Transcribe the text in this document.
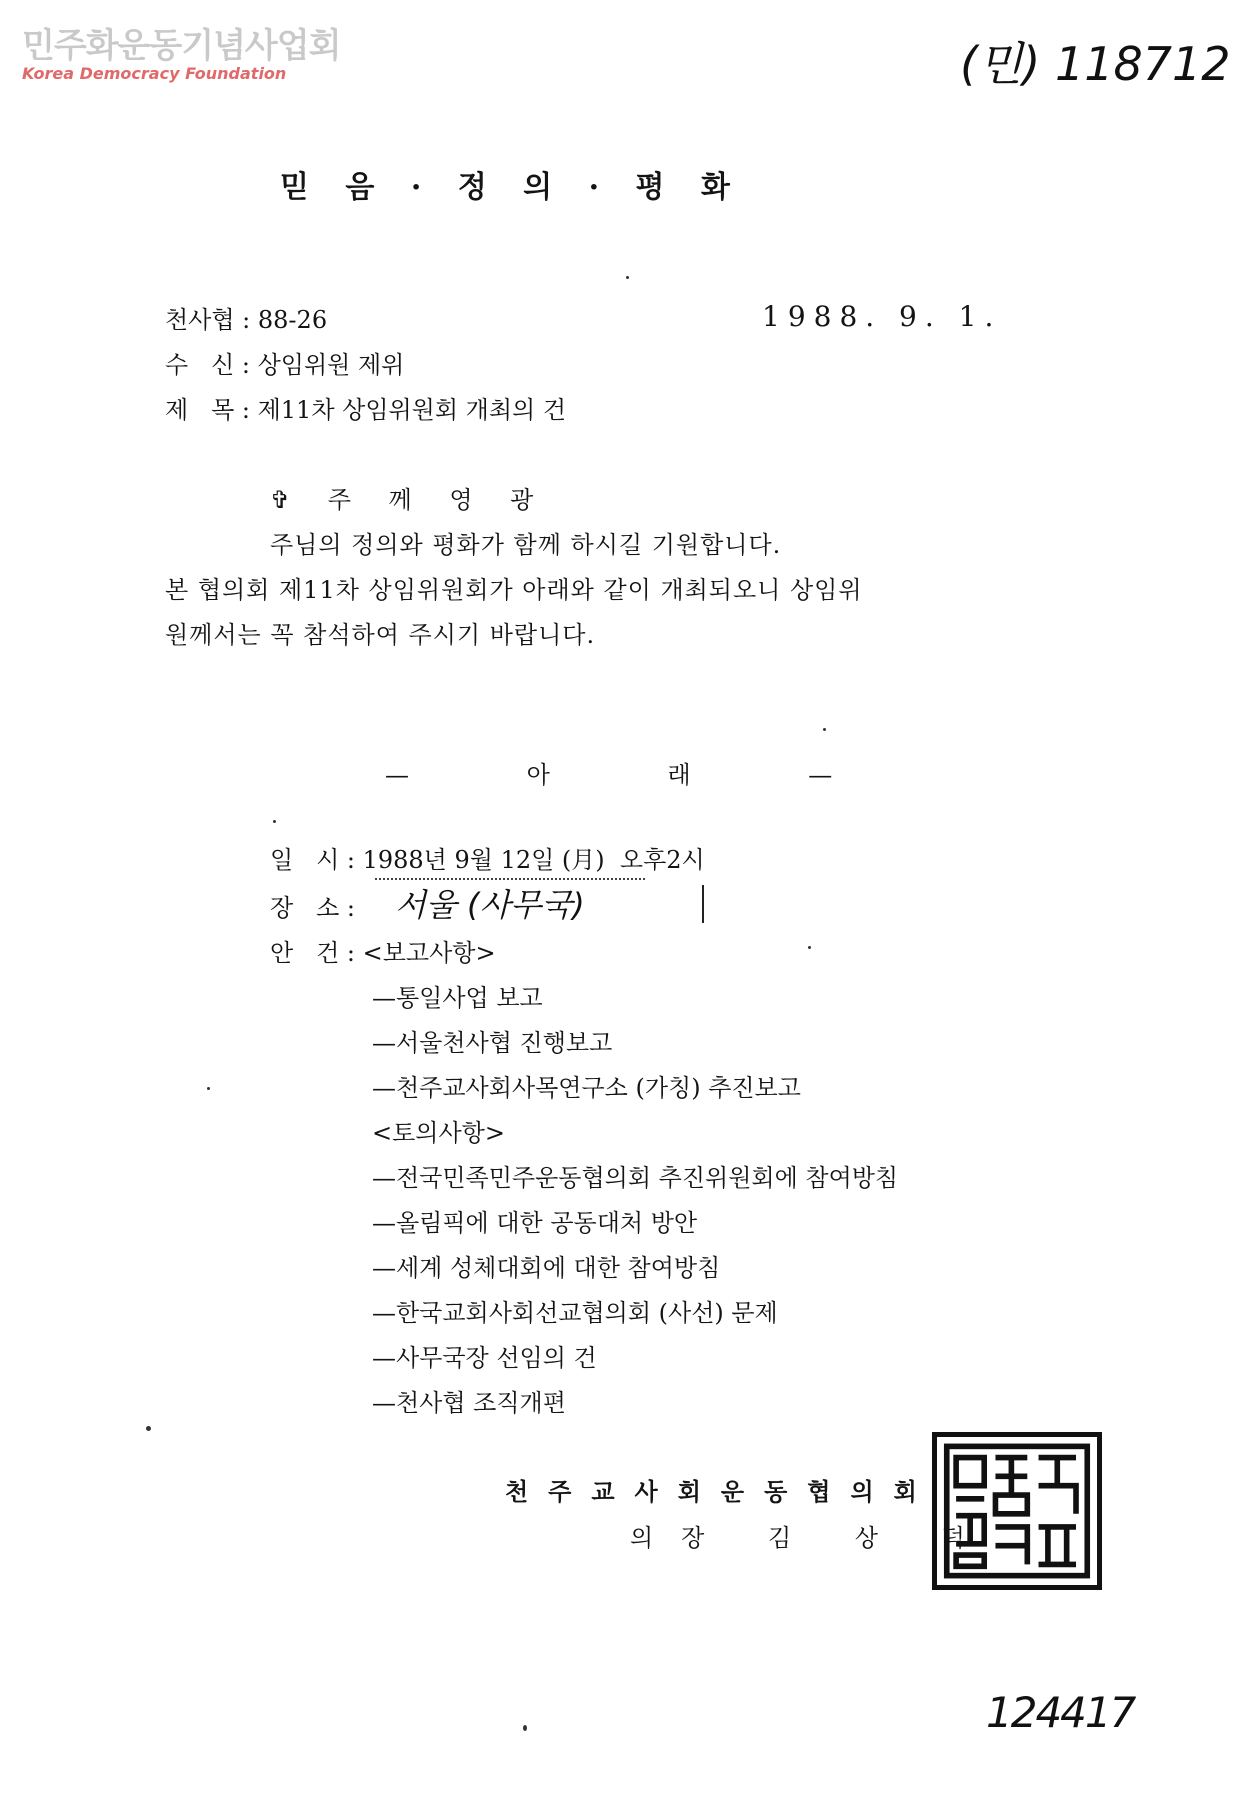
민주화운동기념사업회
Korea Democracy Foundation	(민) 118712
믿 음 · 정 의 · 평 화
천사협 : 88-26	1988. 9. 1.
수   신 : 상임위원 제위
제   목 : 제11차 상임위원회 개최의 건
✞ 주 께 영 광
주님의 정의와 평화가 함께 하시길 기원합니다.
본 협의회 제11차 상임위원회가 아래와 같이 개최되오니 상임위
원께서는 꼭 참석하여 주시기 바랍니다.
— 아 래 —
일   시 : 1988년 9월 12일 (月)  오후2시
장   소 : 서울 (사무국)
안   건 : <보고사항>
—통일사업 보고
—서울천사협 진행보고
—천주교사회사목연구소 (가칭) 추진보고
<토의사항>
—전국민족민주운동협의회 추진위원회에 참여방침
—올림픽에 대한 공동대처 방안
—세계 성체대회에 대한 참여방침
—한국교회사회선교협의회 (사선) 문제
—사무국장 선임의 건
—천사협 조직개편
천주교사회운동협의회
의장 김 상 덕
124417
